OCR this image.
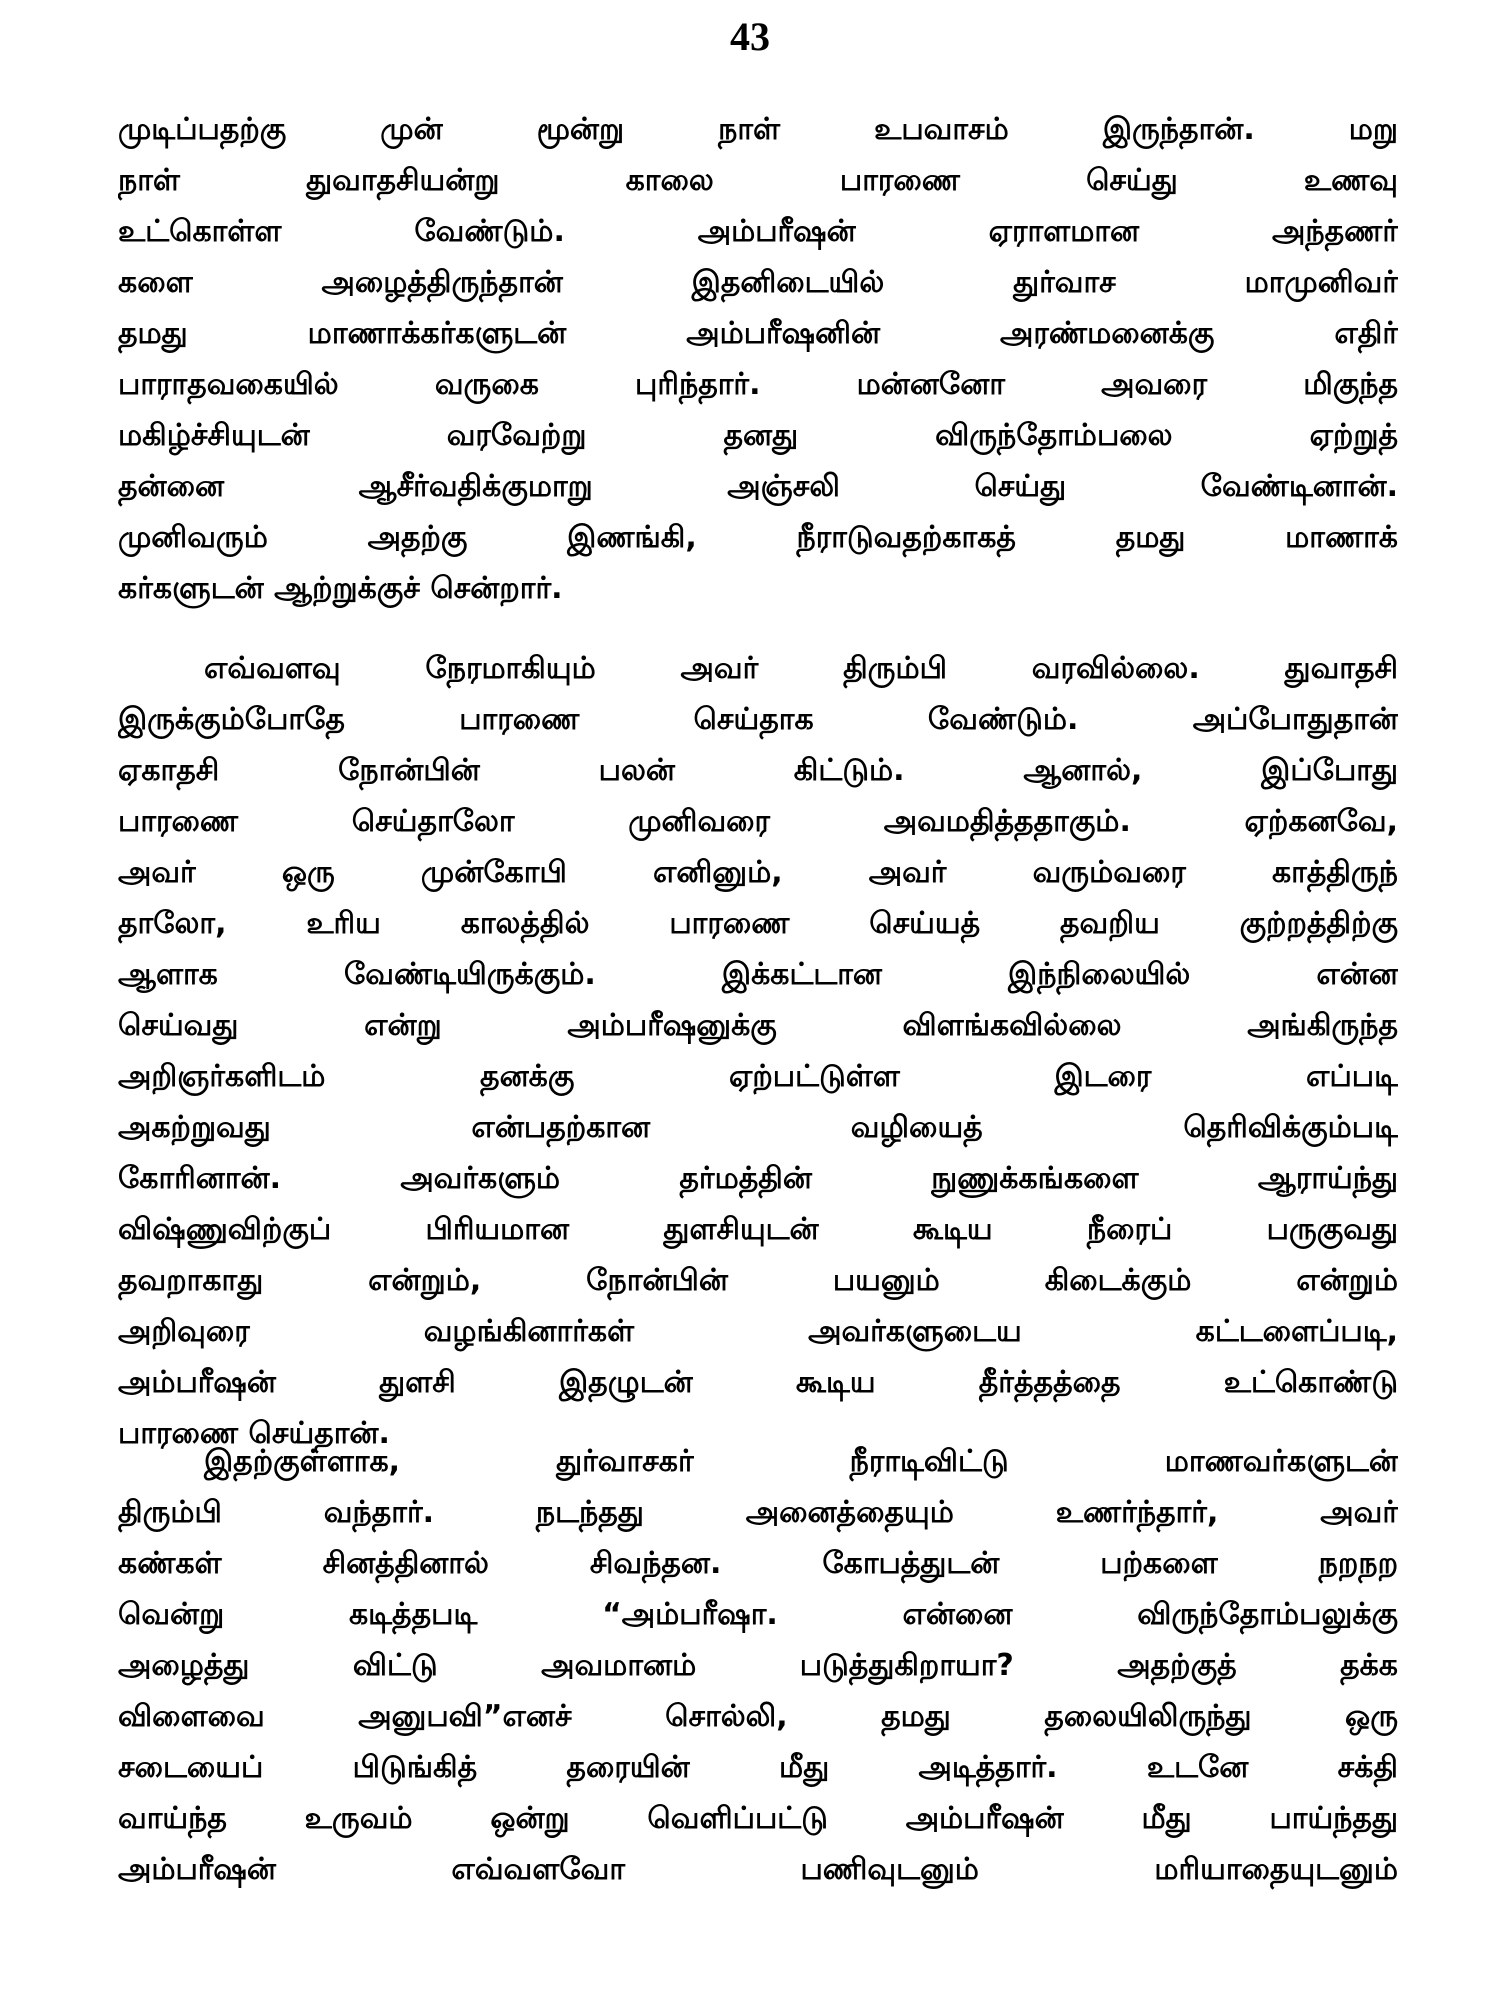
43
முடிப்பதற்கு முன் மூன்று நாள் உபவாசம் இருந்தான். மறு
நாள் துவாதசியன்று காலை பாரணை செய்து உணவு
உட்கொள்ள வேண்டும். அம்பரீஷன் ஏராளமான அந்தணர்
களை அழைத்திருந்தான் இதனிடையில் துர்வாச மாமுனிவர்
தமது மாணாக்கர்களுடன் அம்பரீஷனின் அரண்மனைக்கு எதிர்
பாராதவகையில் வருகை புரிந்தார். மன்னனோ அவரை மிகுந்த
மகிழ்ச்சியுடன் வரவேற்று தனது விருந்தோம்பலை ஏற்றுத்
தன்னை ஆசீர்வதிக்குமாறு அஞ்சலி செய்து வேண்டினான்.
முனிவரும் அதற்கு இணங்கி, நீராடுவதற்காகத் தமது மாணாக்
கர்களுடன் ஆற்றுக்குச் சென்றார்.
எவ்வளவு நேரமாகியும் அவர் திரும்பி வரவில்லை. துவாதசி
இருக்கும்போதே பாரணை செய்தாக வேண்டும். அப்போதுதான்
ஏகாதசி நோன்பின் பலன் கிட்டும். ஆனால், இப்போது
பாரணை செய்தாலோ முனிவரை அவமதித்ததாகும். ஏற்கனவே,
அவர் ஒரு முன்கோபி எனினும், அவர் வரும்வரை காத்திருந்
தாலோ, உரிய காலத்தில் பாரணை செய்யத் தவறிய குற்றத்திற்கு
ஆளாக வேண்டியிருக்கும். இக்கட்டான இந்நிலையில் என்ன
செய்வது என்று அம்பரீஷனுக்கு விளங்கவில்லை அங்கிருந்த
அறிஞர்களிடம் தனக்கு ஏற்பட்டுள்ள இடரை எப்படி
அகற்றுவது என்பதற்கான வழியைத் தெரிவிக்கும்படி
கோரினான். அவர்களும் தர்மத்தின் நுணுக்கங்களை ஆராய்ந்து
விஷ்ணுவிற்குப் பிரியமான துளசியுடன் கூடிய நீரைப் பருகுவது
தவறாகாது என்றும், நோன்பின் பயனும் கிடைக்கும் என்றும்
அறிவுரை வழங்கினார்கள் அவர்களுடைய கட்டளைப்படி,
அம்பரீஷன் துளசி இதழுடன் கூடிய தீர்த்தத்தை உட்கொண்டு
பாரணை செய்தான்.
இதற்குள்ளாக, துர்வாசகர் நீராடிவிட்டு மாணவர்களுடன்
திரும்பி வந்தார். நடந்தது அனைத்தையும் உணர்ந்தார், அவர்
கண்கள் சினத்தினால் சிவந்தன. கோபத்துடன் பற்களை நறநற
வென்று கடித்தபடி “அம்பரீஷா. என்னை விருந்தோம்பலுக்கு
அழைத்து விட்டு அவமானம் படுத்துகிறாயா? அதற்குத் தக்க
விளைவை அனுபவி”எனச் சொல்லி, தமது தலையிலிருந்து ஒரு
சடையைப் பிடுங்கித் தரையின் மீது அடித்தார். உடனே சக்தி
வாய்ந்த உருவம் ஒன்று வெளிப்பட்டு அம்பரீஷன் மீது பாய்ந்தது
அம்பரீஷன் எவ்வளவோ பணிவுடனும் மரியாதையுடனும்
